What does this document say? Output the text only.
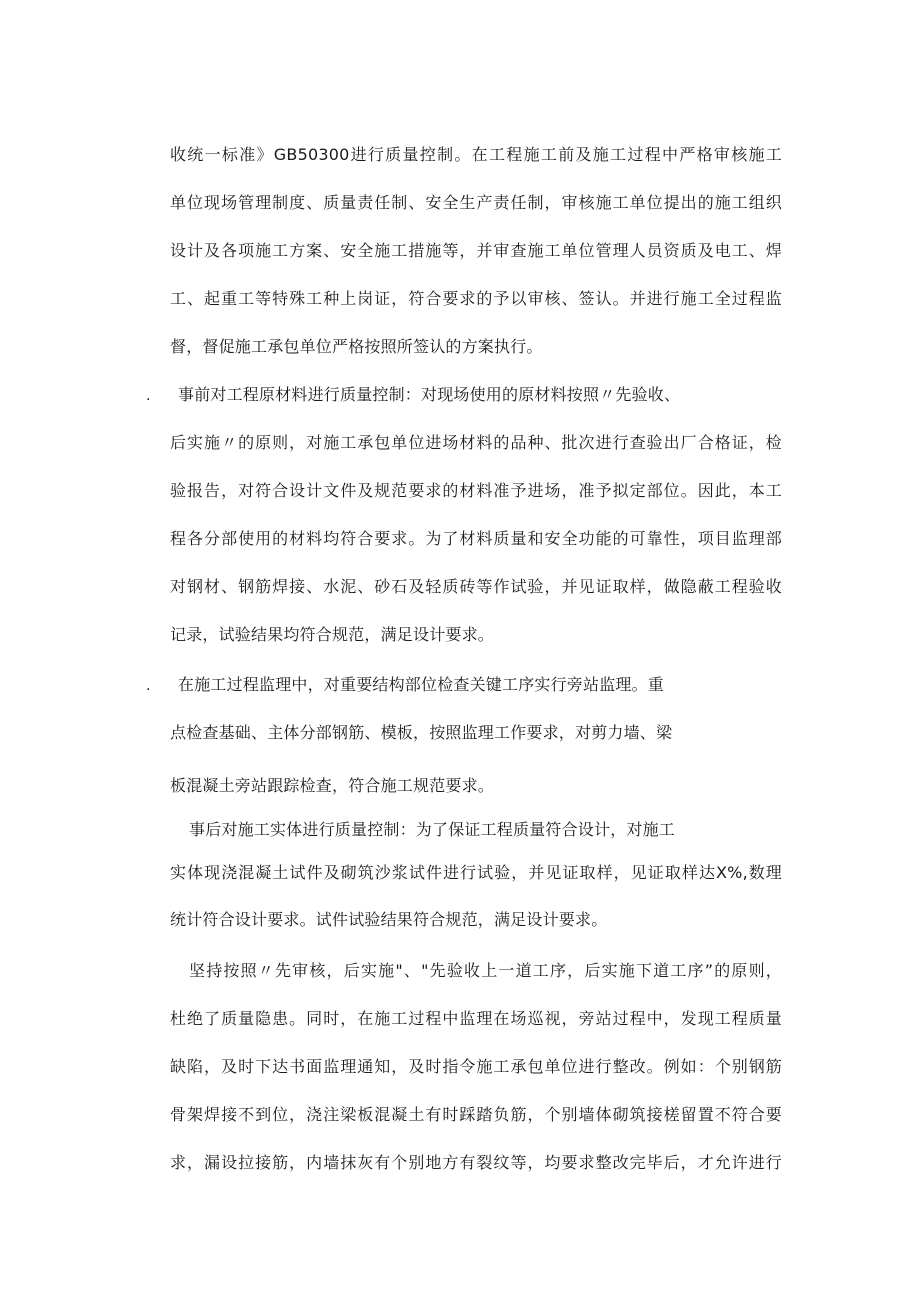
收统一标准》GB50300进行质量控制。在工程施工前及施工过程中严格审核施工
单位现场管理制度、质量责任制、安全生产责任制，审核施工单位提出的施工组织
设计及各项施工方案、安全施工措施等，并审查施工单位管理人员资质及电工、焊
工、起重工等特殊工种上岗证，符合要求的予以审核、签认。并进行施工全过程监
督，督促施工承包单位严格按照所签认的方案执行。
. 事前对工程原材料进行质量控制：对现场使用的原材料按照〃先验收、
后实施〃的原则，对施工承包单位进场材料的品种、批次进行查验出厂合格证，检
验报告，对符合设计文件及规范要求的材料准予进场，准予拟定部位。因此，本工
程各分部使用的材料均符合要求。为了材料质量和安全功能的可靠性，项目监理部
对钢材、钢筋焊接、水泥、砂石及轻质砖等作试验，并见证取样，做隐蔽工程验收
记录，试验结果均符合规范，满足设计要求。
. 在施工过程监理中，对重要结构部位检查关键工序实行旁站监理。重
点检查基础、主体分部钢筋、模板，按照监理工作要求，对剪力墙、梁
板混凝土旁站跟踪检查，符合施工规范要求。
事后对施工实体进行质量控制：为了保证工程质量符合设计，对施工
实体现浇混凝土试件及砌筑沙浆试件进行试验，并见证取样，见证取样达X%,数理
统计符合设计要求。试件试验结果符合规范，满足设计要求。
坚持按照〃先审核，后实施"、"先验收上一道工序，后实施下道工序”的原则，
杜绝了质量隐患。同时，在施工过程中监理在场巡视，旁站过程中，发现工程质量
缺陷，及时下达书面监理通知，及时指令施工承包单位进行整改。例如：个别钢筋
骨架焊接不到位，浇注梁板混凝土有时踩踏负筋，个别墙体砌筑接槎留置不符合要
求，漏设拉接筋，内墙抹灰有个别地方有裂纹等，均要求整改完毕后，才允许进行
